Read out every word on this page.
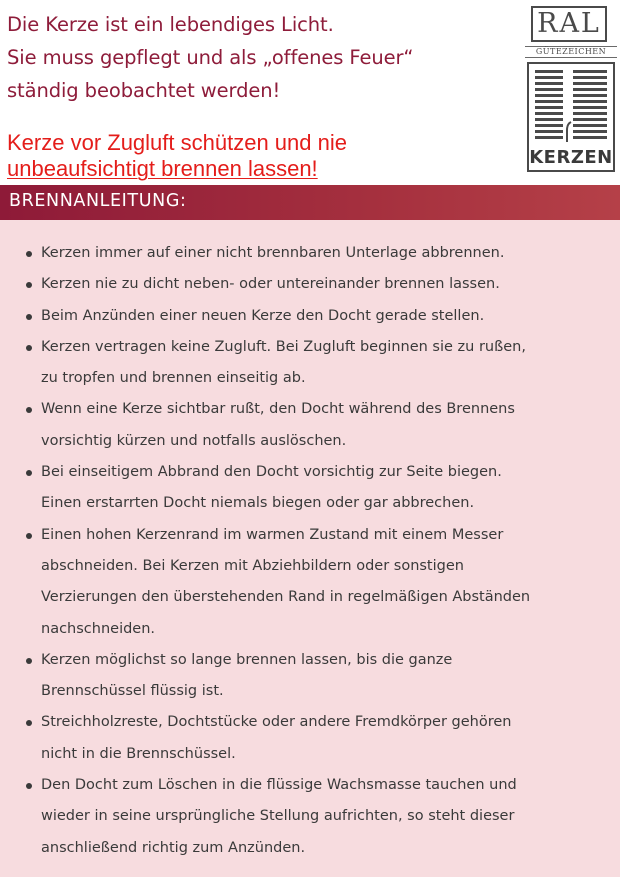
Die Kerze ist ein lebendiges Licht.
Sie muss gepflegt und als „offenes Feuer“
ständig beobachtet werden!
Kerze vor Zugluft schützen und nie
unbeaufsichtigt brennen lassen!
RAL
GÜTEZEICHEN
KERZEN
BRENNANLEITUNG:
Kerzen immer auf einer nicht brennbaren Unterlage abbrennen.
Kerzen nie zu dicht neben- oder untereinander brennen lassen.
Beim Anzünden einer neuen Kerze den Docht gerade stellen.
Kerzen vertragen keine Zugluft. Bei Zugluft beginnen sie zu rußen,
zu tropfen und brennen einseitig ab.
Wenn eine Kerze sichtbar rußt, den Docht während des Brennens
vorsichtig kürzen und notfalls auslöschen.
Bei einseitigem Abbrand den Docht vorsichtig zur Seite biegen.
Einen erstarrten Docht niemals biegen oder gar abbrechen.
Einen hohen Kerzenrand im warmen Zustand mit einem Messer
abschneiden. Bei Kerzen mit Abziehbildern oder sonstigen
Verzierungen den überstehenden Rand in regelmäßigen Abständen
nachschneiden.
Kerzen möglichst so lange brennen lassen, bis die ganze
Brennschüssel flüssig ist.
Streichholzreste, Dochtstücke oder andere Fremdkörper gehören
nicht in die Brennschüssel.
Den Docht zum Löschen in die flüssige Wachsmasse tauchen und
wieder in seine ursprüngliche Stellung aufrichten, so steht dieser
anschließend richtig zum Anzünden.
